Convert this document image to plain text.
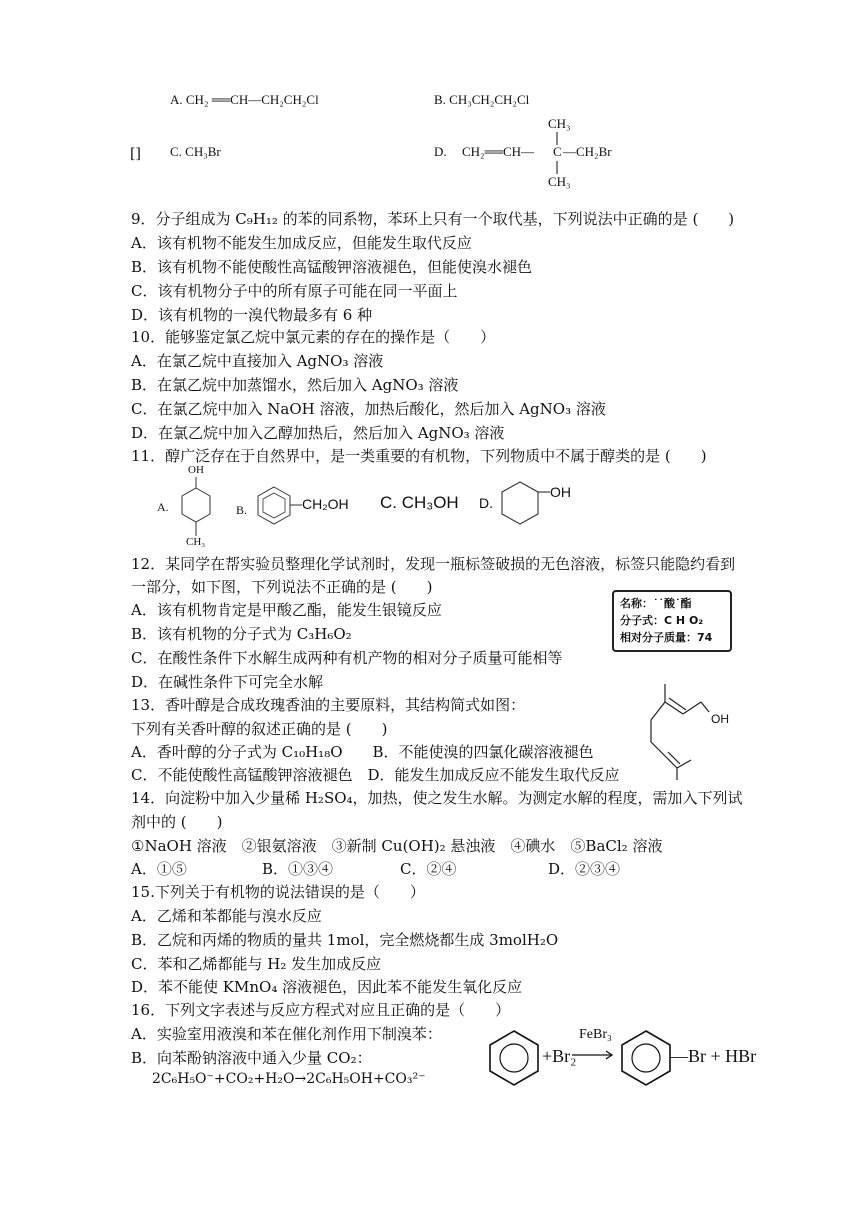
A. CH₂ ══CH—CH₂CH₂Cl	B. CH₃CH₂CH₂Cl
[] C. CH₃Br	D. CH₂══CH— C —CH₂Br
CH₃
CH₃
9．分子组成为 C₉H₁₂ 的苯的同系物，苯环上只有一个取代基，下列说法中正确的是 (　　)
A．该有机物不能发生加成反应，但能发生取代反应
B．该有机物不能使酸性高锰酸钾溶液褪色，但能使溴水褪色
C．该有机物分子中的所有原子可能在同一平面上
D．该有机物的一溴代物最多有 6 种
10．能够鉴定氯乙烷中氯元素的存在的操作是（　　）
A．在氯乙烷中直接加入 AgNO₃ 溶液
B．在氯乙烷中加蒸馏水，然后加入 AgNO₃ 溶液
C．在氯乙烷中加入 NaOH 溶液，加热后酸化，然后加入 AgNO₃ 溶液
D．在氯乙烷中加入乙醇加热后，然后加入 AgNO₃ 溶液
11．醇广泛存在于自然界中，是一类重要的有机物，下列物质中不属于醇类的是 (　　)
A.
OH
CH₃
B.	CH₂OH C. CH₃OH D.
OH
12．某同学在帮实验员整理化学试剂时，发现一瓶标签破损的无色溶液，标签只能隐约看到
一部分，如下图，下列说法不正确的是 (　　)
A．该有机物肯定是甲酸乙酯，能发生银镜反应
B．该有机物的分子式为 C₃H₆O₂
C．在酸性条件下水解生成两种有机产物的相对分子质量可能相等
D．在碱性条件下可完全水解
名称：˙˙酸˙酯
分子式：C H O₂
相对分子质量：74
13．香叶醇是合成玫瑰香油的主要原料，其结构简式如图：
下列有关香叶醇的叙述正确的是 (　　)
A．香叶醇的分子式为 C₁₀H₁₈O　　B．不能使溴的四氯化碳溶液褪色
C．不能使酸性高锰酸钾溶液褪色　D．能发生加成反应不能发生取代反应
OH
14．向淀粉中加入少量稀 H₂SO₄，加热，使之发生水解。为测定水解的程度，需加入下列试
剂中的 (　　)
①NaOH 溶液　②银氨溶液　③新制 Cu(OH)₂ 悬浊液　④碘水　⑤BaCl₂ 溶液
A．①⑤	B．①③④	C．②④	D．②③④
15.下列关于有机物的说法错误的是（　　）
A．乙烯和苯都能与溴水反应
B．乙烷和丙烯的物质的量共 1mol，完全燃烧都生成 3molH₂O
C．苯和乙烯都能与 H₂ 发生加成反应
D．苯不能使 KMnO₄ 溶液褪色，因此苯不能发生氧化反应
16．下列文字表述与反应方程式对应且正确的是（　　）
A．实验室用液溴和苯在催化剂作用下制溴苯：
B．向苯酚钠溶液中通入少量 CO₂：
2C₆H₅O⁻+CO₂+H₂O→2C₆H₅OH+CO₃²⁻
+Br₂
FeBr₃
—Br + HBr
